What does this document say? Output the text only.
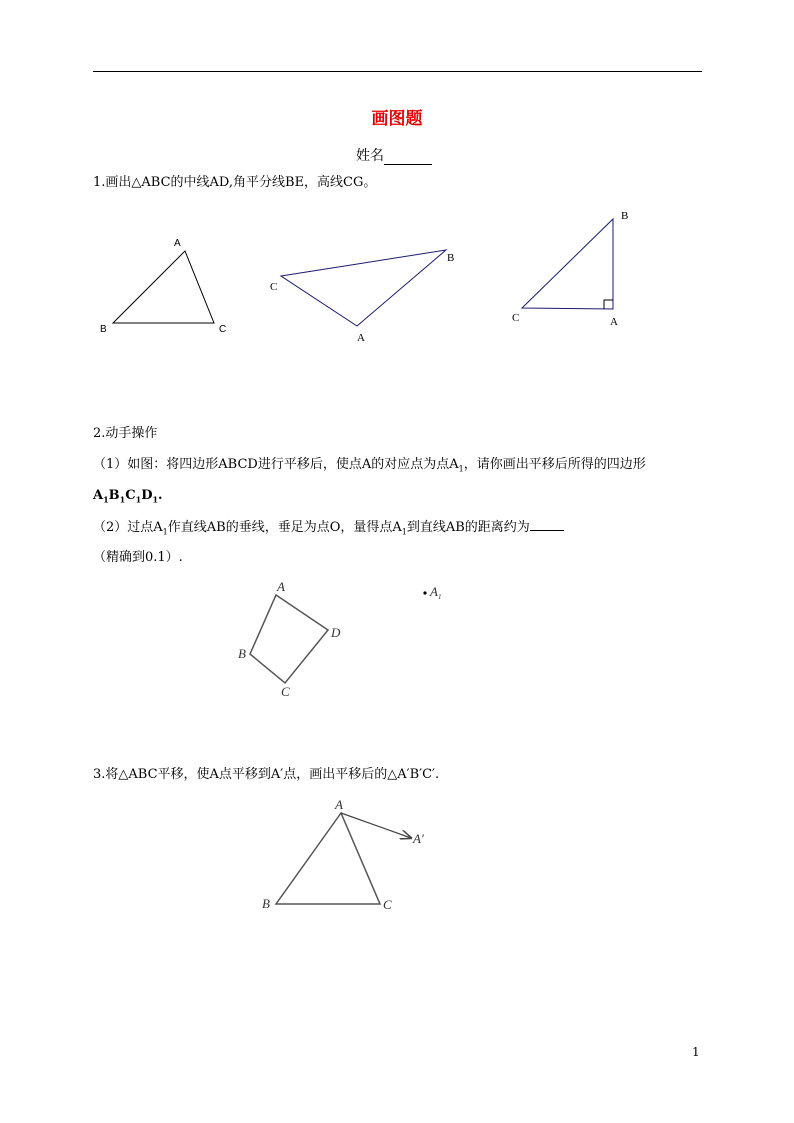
画图题
姓名
1.画出△ABC的中线AD,角平分线BE，高线CG。
2.动手操作
（1）如图：将四边形ABCD进行平移后，使点A的对应点为点$A_1$，请你画出平移后所得的四边形
$A_1B_1C_1D_1$.
（2）过点$A_1$作直线AB的垂线，垂足为点O，量得点$A_1$到直线AB的距离约为
（精确到0.1）.
3.将△ABC平移，使A点平移到A′点，画出平移后的△A′B′C′.
A
B	C
C
B
A
B
C	A
A
D
B
C
$A_1$
A
B	C
A′
1
